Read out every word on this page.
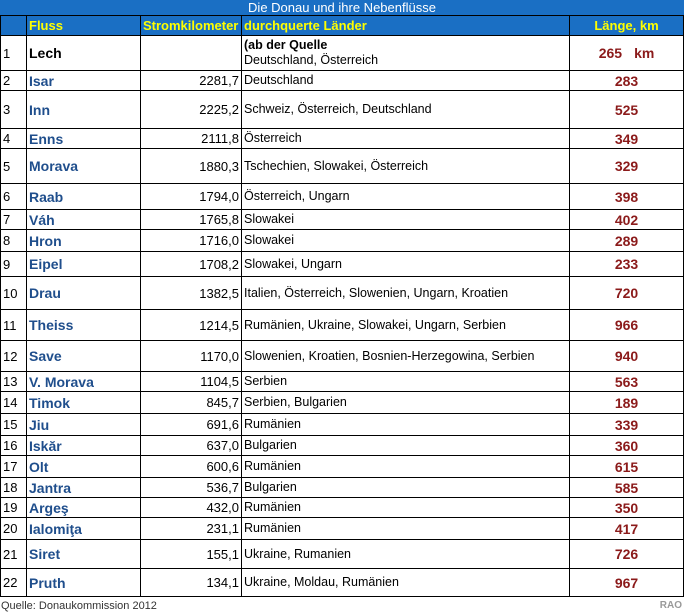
Die Donau und ihre Nebenflüsse
	Fluss	Stromkilometer	durchquerte Länder	Länge, km
1	Lech		(ab der Quelle
Deutschland, Österreich	265 km
2	Isar	2281,7	Deutschland	283
3	Inn	2225,2	Schweiz, Österreich, Deutschland	525
4	Enns	2111,8	Österreich	349
5	Morava	1880,3	Tschechien, Slowakei, Österreich	329
6	Raab	1794,0	Österreich, Ungarn	398
7	Váh	1765,8	Slowakei	402
8	Hron	1716,0	Slowakei	289
9	Eipel	1708,2	Slowakei, Ungarn	233
10	Drau	1382,5	Italien, Österreich, Slowenien, Ungarn, Kroatien	720
11	Theiss	1214,5	Rumänien, Ukraine, Slowakei, Ungarn, Serbien	966
12	Save	1170,0	Slowenien, Kroatien, Bosnien-Herzegowina, Serbien	940
13	V. Morava	1104,5	Serbien	563
14	Timok	845,7	Serbien, Bulgarien	189
15	Jiu	691,6	Rumänien	339
16	Iskăr	637,0	Bulgarien	360
17	Olt	600,6	Rumänien	615
18	Jantra	536,7	Bulgarien	585
19	Argeş	432,0	Rumänien	350
20	Ialomiţa	231,1	Rumänien	417
21	Siret	155,1	Ukraine, Rumanien	726
22	Pruth	134,1	Ukraine, Moldau, Rumänien	967
Quelle: Donaukommission 2012	RAO
